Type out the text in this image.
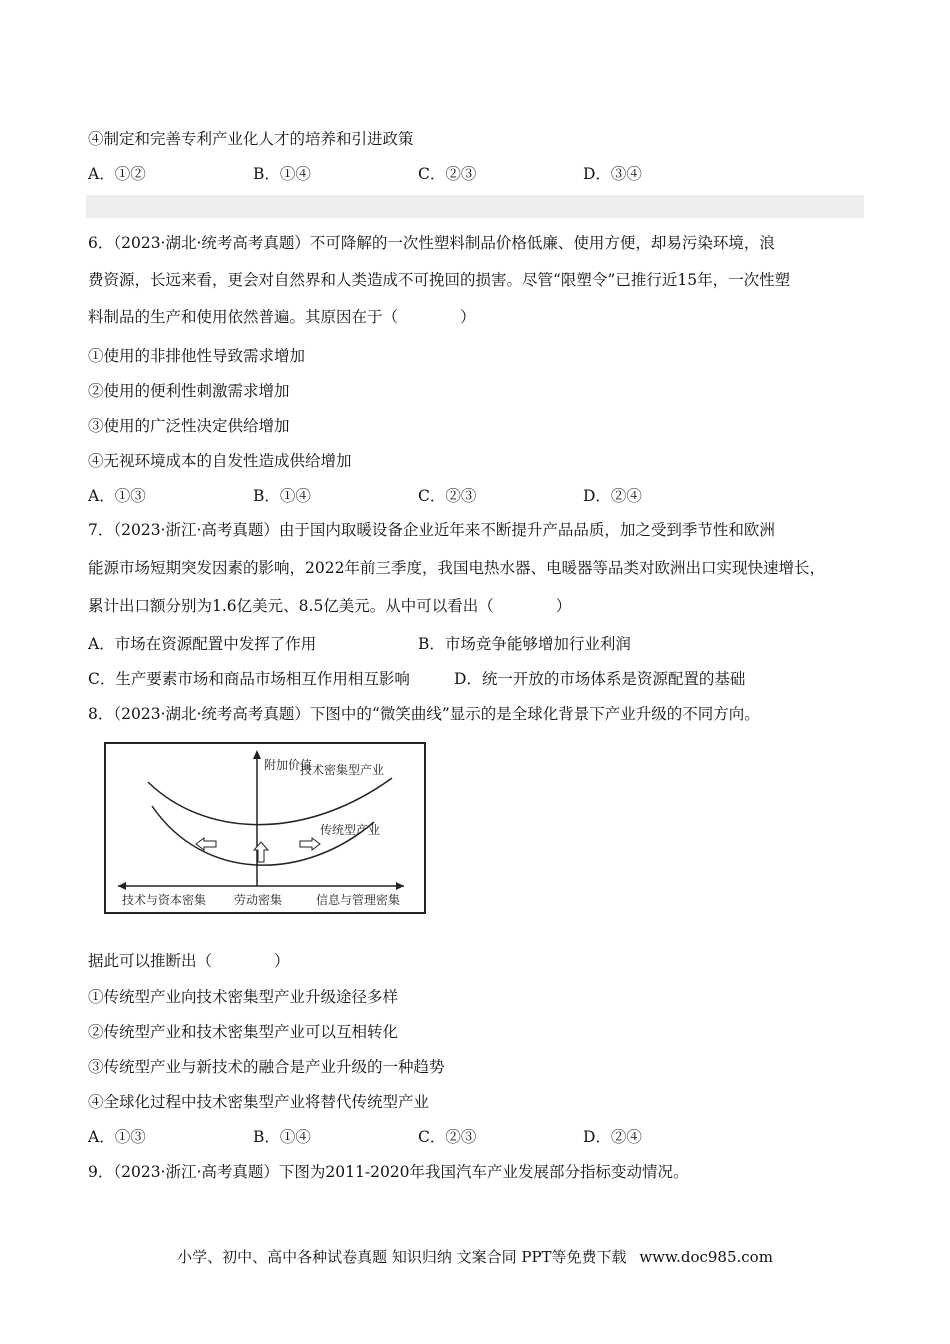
④制定和完善专利产业化人才的培养和引进政策
A．①②	B．①④	C．②③	D．③④
6．（2023·湖北·统考高考真题）不可降解的一次性塑料制品价格低廉、使用方便，却易污染环境，浪
费资源，长远来看，更会对自然界和人类造成不可挽回的损害。尽管“限塑令”已推行近15年，一次性塑
料制品的生产和使用依然普遍。其原因在于（　　　　）
①使用的非排他性导致需求增加
②使用的便利性刺激需求增加
③使用的广泛性决定供给增加
④无视环境成本的自发性造成供给增加
A．①③	B．①④	C．②③	D．②④
7．（2023·浙江·高考真题）由于国内取暖设备企业近年来不断提升产品品质，加之受到季节性和欧洲
能源市场短期突发因素的影响，2022年前三季度，我国电热水器、电暖器等品类对欧洲出口实现快速增长，
累计出口额分别为1.6亿美元、8.5亿美元。从中可以看出（　　　　）
A．市场在资源配置中发挥了作用	B．市场竞争能够增加行业利润
C．生产要素市场和商品市场相互作用相互影响	D．统一开放的市场体系是资源配置的基础
8．（2023·湖北·统考高考真题）下图中的“微笑曲线”显示的是全球化背景下产业升级的不同方向。
附加价值
技术密集型产业
传统型产业
技术与资本密集 劳动密集	信息与管理密集
据此可以推断出（　　　　）
①传统型产业向技术密集型产业升级途径多样
②传统型产业和技术密集型产业可以互相转化
③传统型产业与新技术的融合是产业升级的一种趋势
④全球化过程中技术密集型产业将替代传统型产业
A．①③	B．①④	C．②③	D．②④
9．（2023·浙江·高考真题）下图为2011-2020年我国汽车产业发展部分指标变动情况。
小学、初中、高中各种试卷真题 知识归纳 文案合同 PPT等免费下载 www.doc985.com
